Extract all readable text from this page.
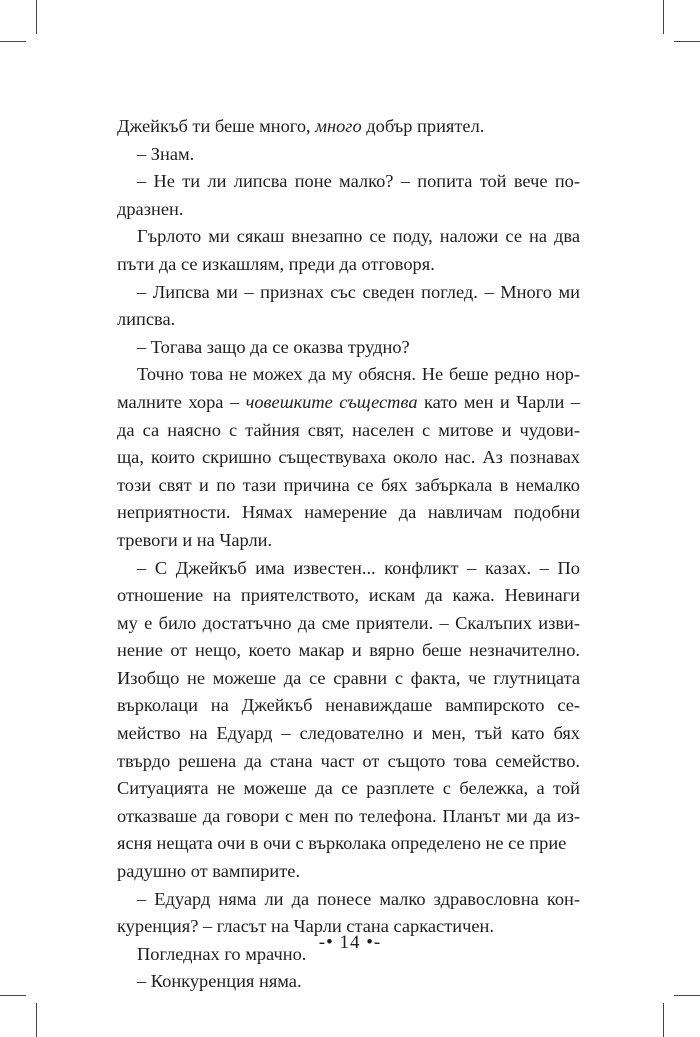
Джейкъб ти беше много, много добър приятел.
– Знам.
– Не ти ли липсва поне малко? – попита той вече по-
дразнен.
Гърлото ми сякаш внезапно се поду, наложи се на два
пъти да се изкашлям, преди да отговоря.
– Липсва ми – признах със сведен поглед. – Много ми
липсва.
– Тогава защо да се оказва трудно?
Точно това не можех да му обясня. Не беше редно нор-
малните хора – човешките същества като мен и Чарли –
да са наясно с тайния свят, населен с митове и чудови-
ща, които скришно съществуваха около нас. Аз познавах
този свят и по тази причина се бях забъркала в немалко
неприятности. Нямах намерение да навличам подобни
тревоги и на Чарли.
– С Джейкъб има известен... конфликт – казах. – По
отношение на приятелството, искам да кажа. Невинаги
му е било достатъчно да сме приятели. – Скалъпих изви-
нение от нещо, което макар и вярно беше незначително.
Изобщо не можеше да се сравни с факта, че глутницата
върколаци на Джейкъб ненавиждаше вампирското се-
мейство на Едуард – следователно и мен, тъй като бях
твърдо решена да стана част от същото това семейство.
Ситуацията не можеше да се разплете с бележка, а той
отказваше да говори с мен по телефона. Планът ми да из-
ясня нещата очи в очи с върколака определено не се прие
радушно от вампирите.
– Едуард няма ли да понесе малко здравословна кон-
куренция? – гласът на Чарли стана саркастичен.
Погледнах го мрачно.
– Конкуренция няма.
-• 14 •-
